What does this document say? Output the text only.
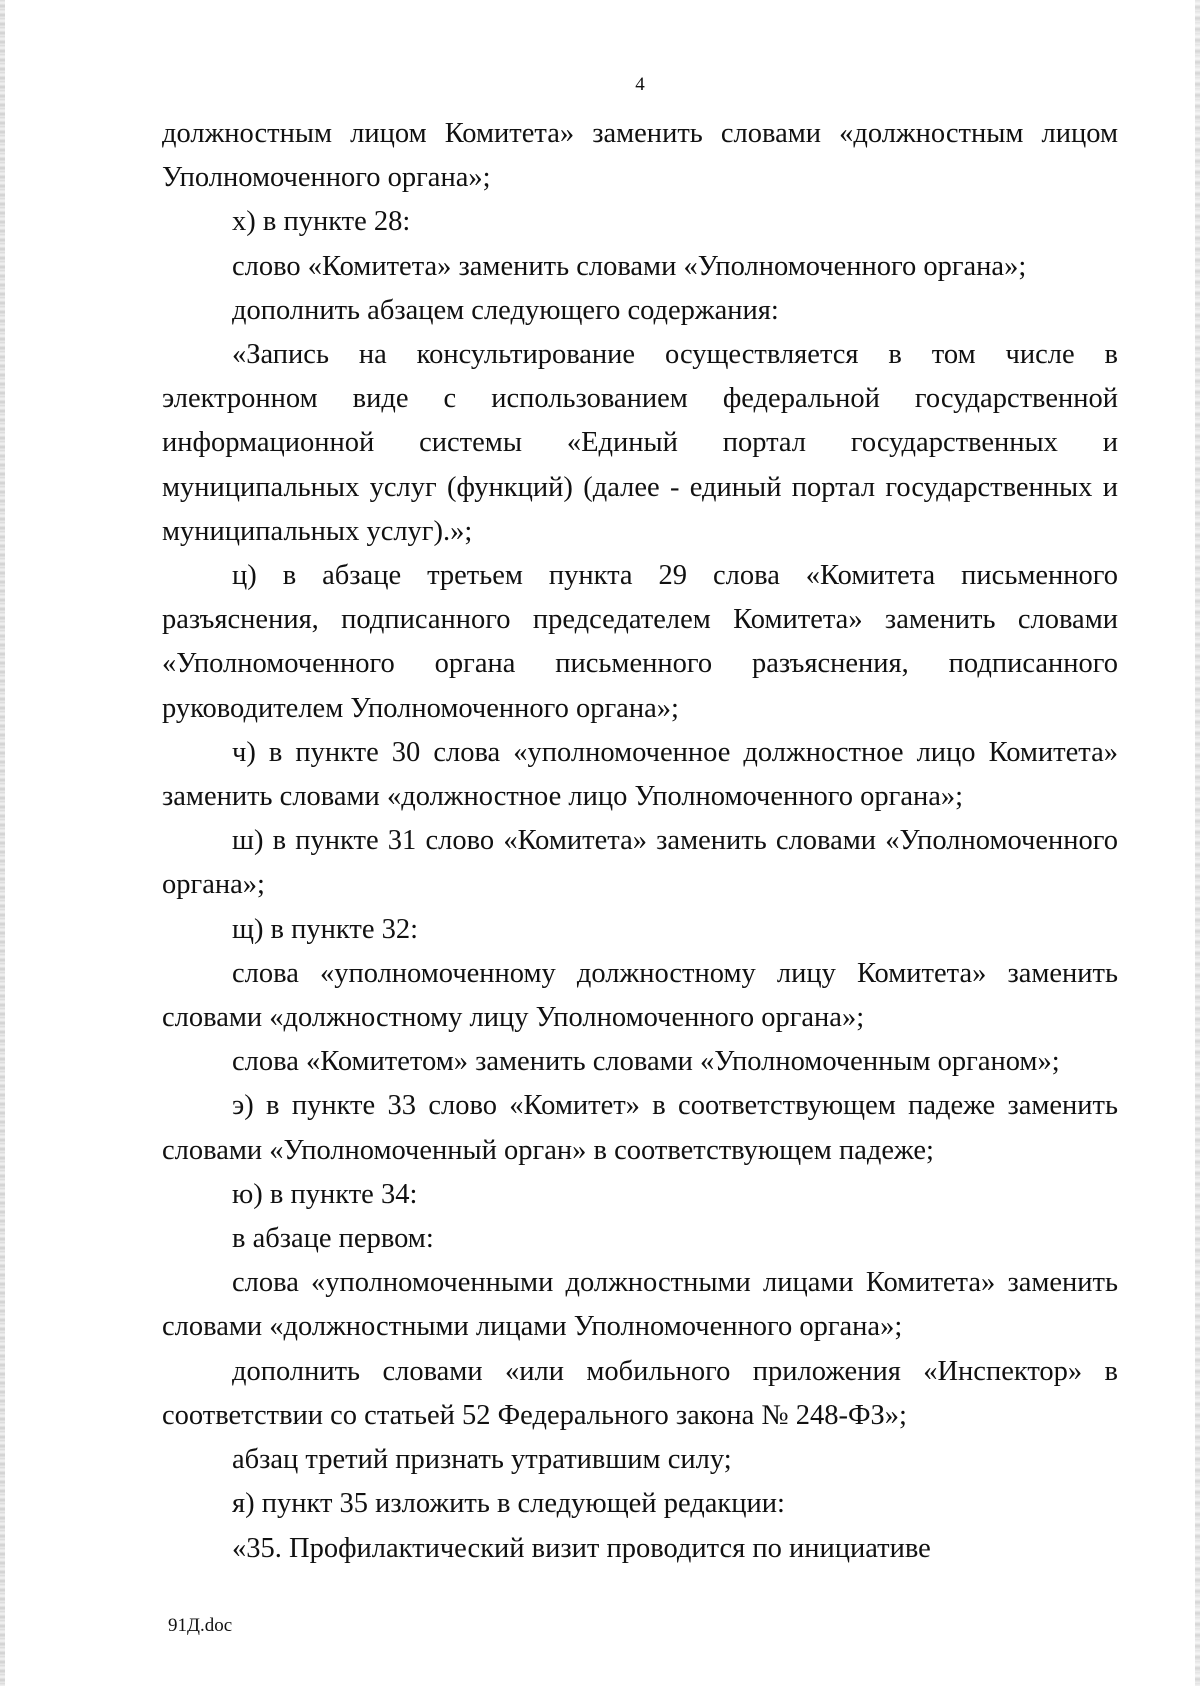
4

должностным лицом Комитета» заменить словами «должностным лицом Уполномоченного органа»;

х) в пункте 28:

слово «Комитета» заменить словами «Уполномоченного органа»;

дополнить абзацем следующего содержания:

«Запись на консультирование осуществляется в том числе в электронном виде с использованием федеральной государственной информационной системы «Единый портал государственных и муниципальных услуг (функций) (далее - единый портал государственных и муниципальных услуг).»;

ц) в абзаце третьем пункта 29 слова «Комитета письменного разъяснения, подписанного председателем Комитета» заменить словами «Уполномоченного органа письменного разъяснения, подписанного руководителем Уполномоченного органа»;

ч) в пункте 30 слова «уполномоченное должностное лицо Комитета» заменить словами «должностное лицо Уполномоченного органа»;

ш) в пункте 31 слово «Комитета» заменить словами «Уполномоченного органа»;

щ) в пункте 32:

слова «уполномоченному должностному лицу Комитета» заменить словами «должностному лицу Уполномоченного органа»;

слова «Комитетом» заменить словами «Уполномоченным органом»;

э) в пункте 33 слово «Комитет» в соответствующем падеже заменить словами «Уполномоченный орган» в соответствующем падеже;

ю) в пункте 34:

в абзаце первом:

слова «уполномоченными должностными лицами Комитета» заменить словами «должностными лицами Уполномоченного органа»;

дополнить словами «или мобильного приложения «Инспектор» в соответствии со статьей 52 Федерального закона № 248-ФЗ»;

абзац третий признать утратившим силу;

я) пункт 35 изложить в следующей редакции:

«35. Профилактический визит проводится по инициативе

91Д.doc
